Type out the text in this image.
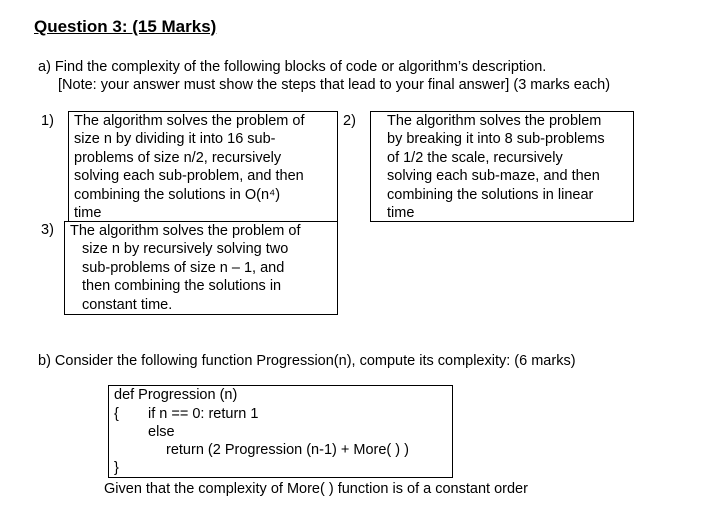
Question 3: (15 Marks)
a) Find the complexity of the following blocks of code or algorithm’s description.
[Note: your answer must show the steps that lead to your final answer] (3 marks each)
1) The algorithm solves the problem of
size n by dividing it into 16 sub-
problems of size n/2, recursively
solving each sub-problem, and then
combining the solutions in O(n⁴)
time
2) The algorithm solves the problem
by breaking it into 8 sub-problems
of 1/2 the scale, recursively
solving each sub-maze, and then
combining the solutions in linear
time
3) The algorithm solves the problem of
size n by recursively solving two
sub-problems of size n – 1, and
then combining the solutions in
constant time.
b) Consider the following function Progression(n), compute its complexity: (6 marks)
def Progression (n)
{ if n == 0: return 1
else
return (2 Progression (n-1) + More( ) )
}
Given that the complexity of More( ) function is of a constant order
